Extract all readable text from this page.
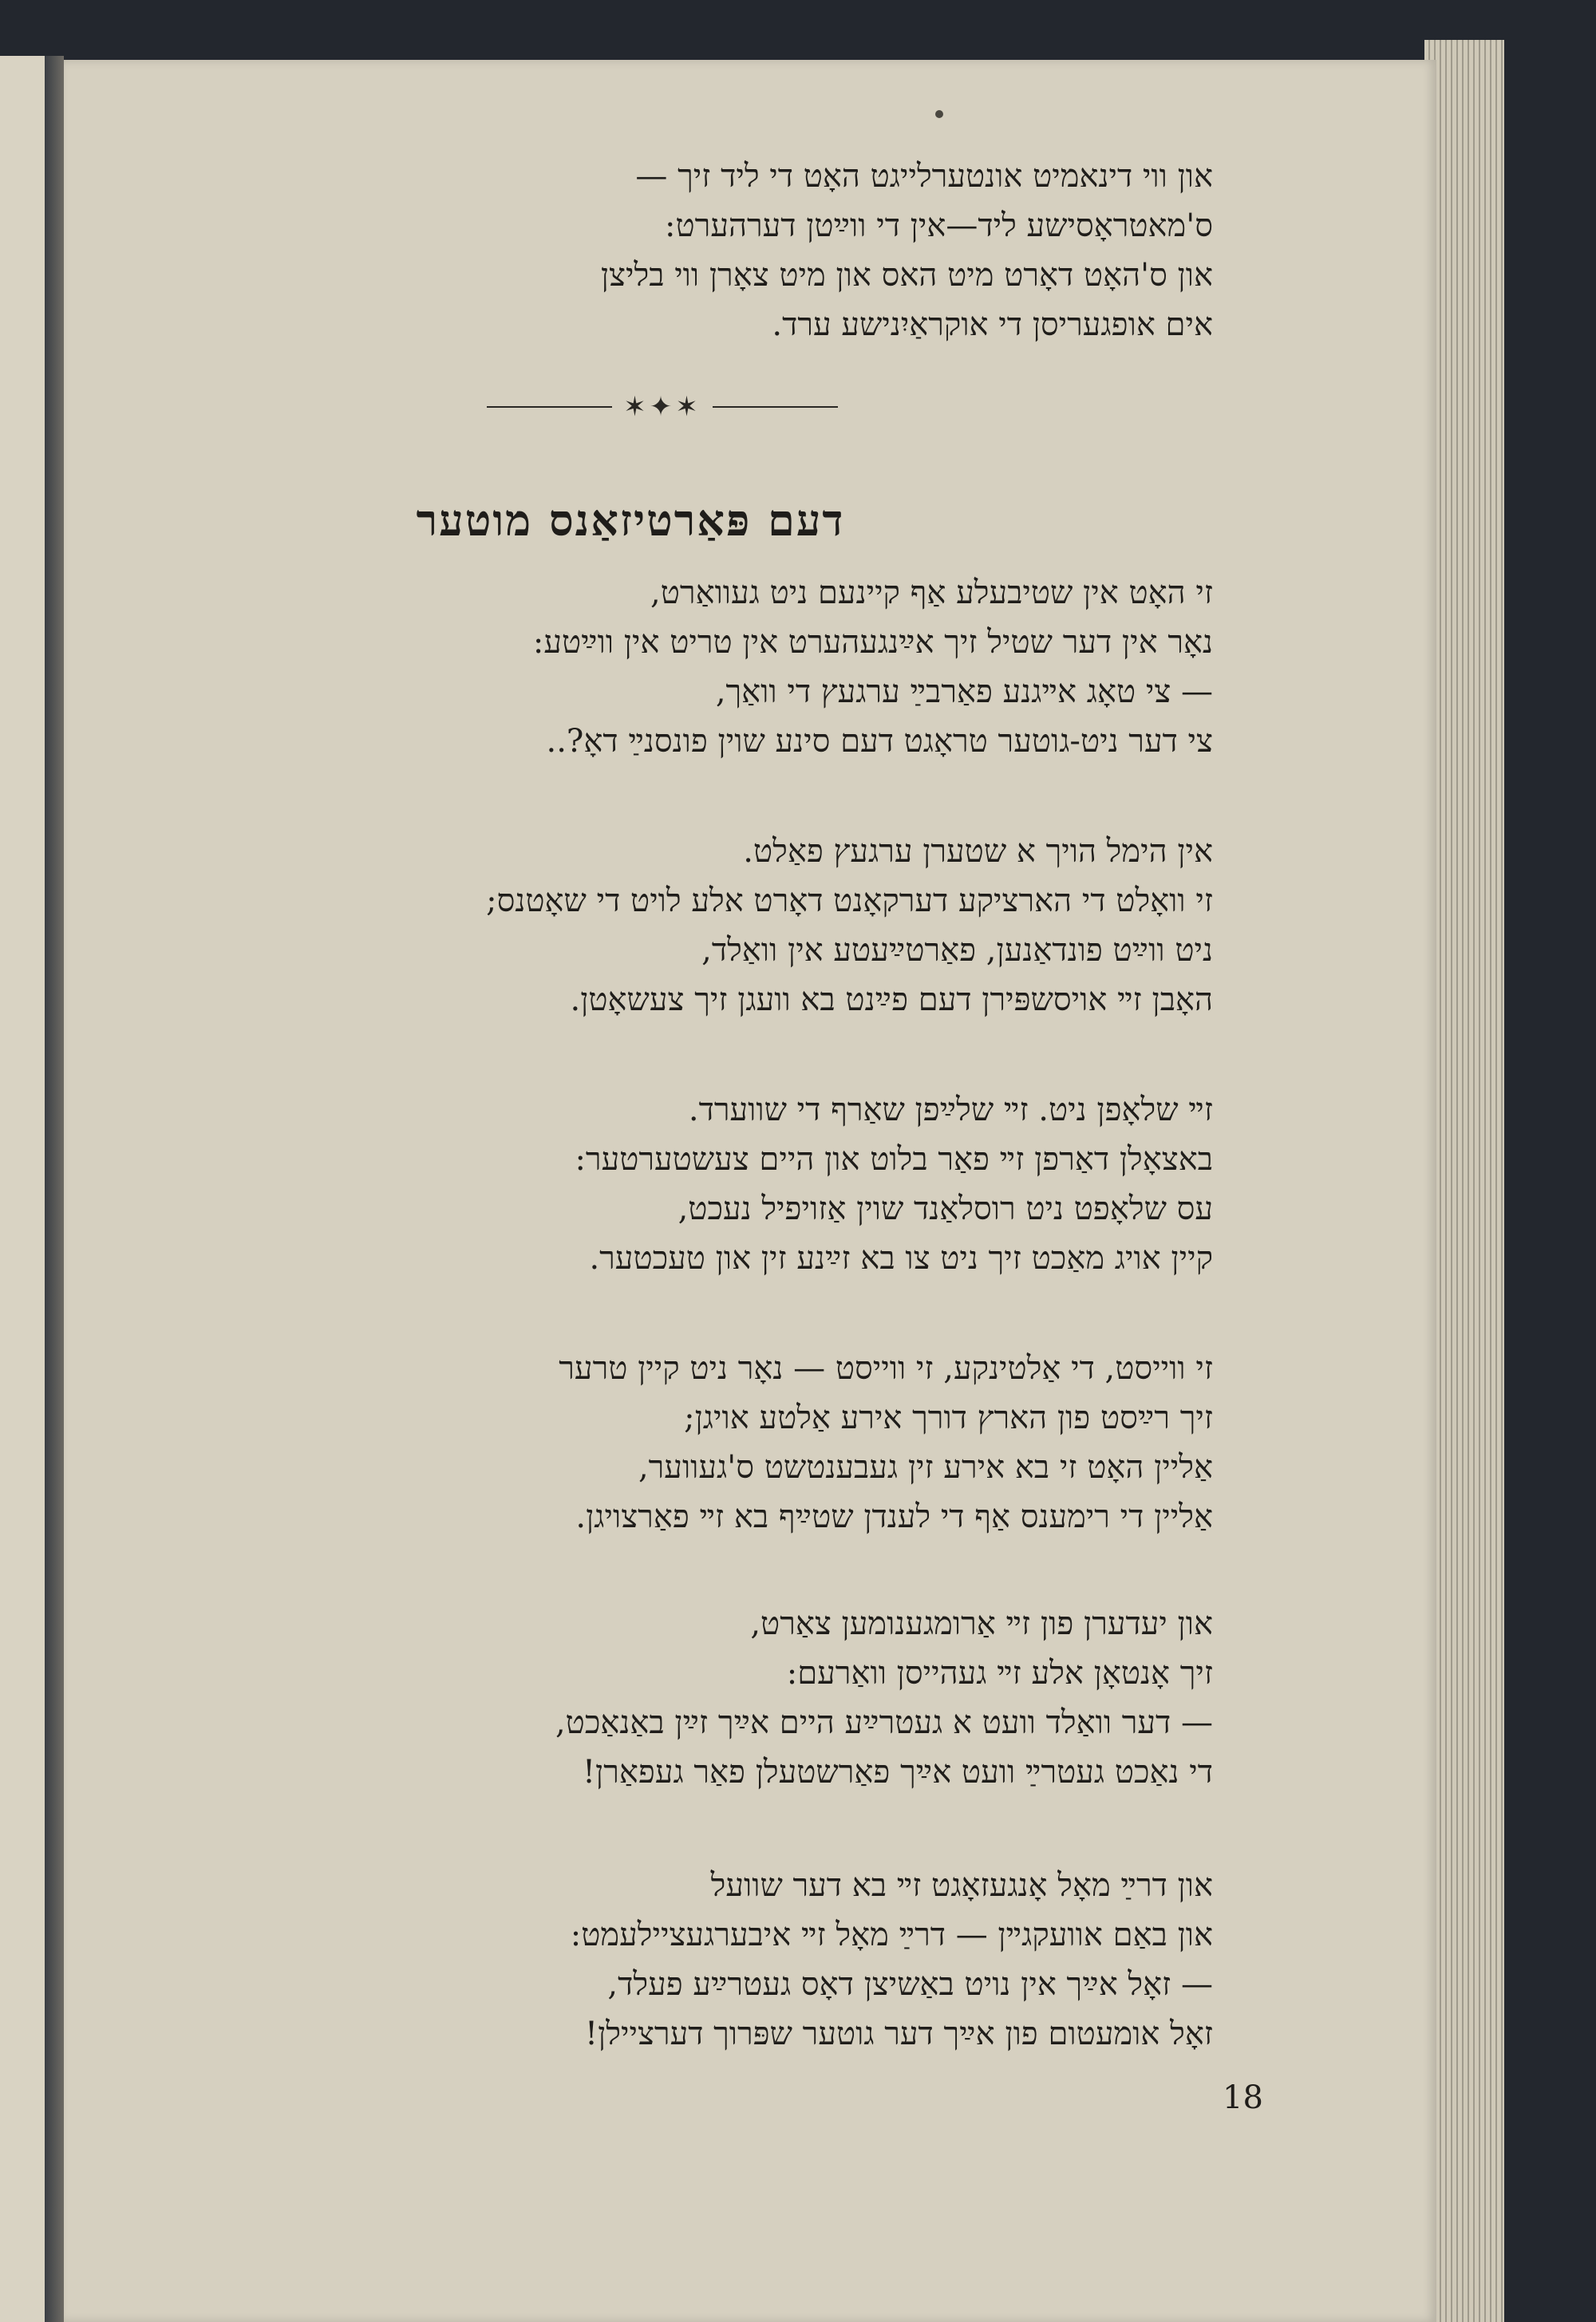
און ווי דינאמיט אונטערלייגט האָט די ליד זיך —
ס'מאטראָסישע ליד—אין די ווײַטן דערהערט:
און ס'האָט דאָרט מיט האס און מיט צאָרן ווי בליצן
אים אופגעריסן די אוקראַיִנישע ערד.
✶✦✶
דעם פּאַרטיזאַנס מוטער
זי האָט אין שטיבעלע אַף קיינעם ניט געוואַרט,
נאָר אין דער שטיל זיך אײַנגעהערט אין טריט אין ווײַטע:
— צי טאָג אײגנע פאַרבײַ ערגעץ די וואַך,
צי דער ניט-גוטער טראָגט דעם סינע שוין פונסנײַ דאָ?..
אין הימל הויך א שטערן ערגעץ פאַלט.
זי וואָלט די הארציקע דערקאָנט דאָרט אלע לויט די שאָטנס;
ניט ווײַט פונדאַנען, פאַרטײַעטע אין וואַלד,
האָבן זײ אויסשפּירן דעם פײַנט בא וועגן זיך צעשאָטן.
זײ שלאָפן ניט. זײ שלײַפן שאַרף די שווערד.
באצאָלן דאַרפן זײ פאַר בלוט און היים צעשטערטער:
עס שלאָפט ניט רוסלאַנד שוין אַזויפיל נעכט,
קיין אויג מאַכט זיך ניט צו בא זײַנע זין און טעכטער.
זי ווייסט, די אַלטינקע, זי ווייסט — נאָר ניט קיין טרער
זיך רײַסט פון הארץ דורך אירע אַלטע אויגן;
אַליין האָט זי בא אירע זין געבענטשט ס'געווער,
אַליין די רימענס אַף די לענדן שטײַף בא זײ פאַרצויגן.
און יעדערן פון זײ אַרומגענומען צאַרט,
זיך אָנטאָן אלע זײ געהייסן וואַרעם:
— דער וואַלד וועט א געטרײַע היים אײַך זײַן באַנאַכט,
די נאַכט געטרײַ וועט אײַך פאַרשטעלן פאַר געפאַרן!
און דרײַ מאָל אָנגעזאָגט זײ בא דער שוועל
און באַם אוועקגײן — דרײַ מאָל זײ איבערגעציילעמט:
— זאָל אײַך אין נויט באַשיצן דאָס געטרײַע פעלד,
זאָל אומעטום פון אײַך דער גוטער שפּרוך דערציילן!
18
